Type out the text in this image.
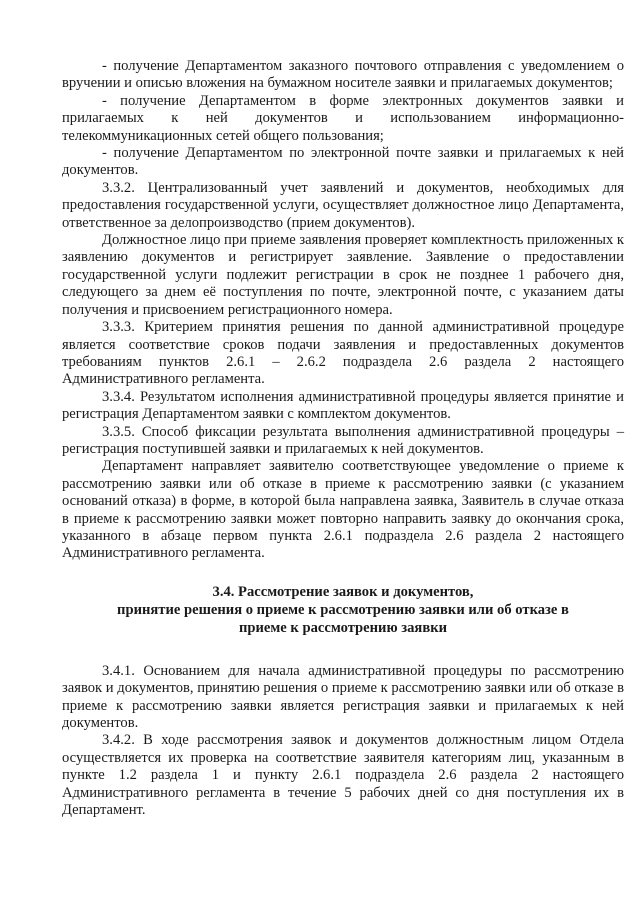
- получение Департаментом заказного почтового отправления с уведомлением о вручении и описью вложения на бумажном носителе заявки и прилагаемых документов;

- получение Департаментом в форме электронных документов заявки и прилагаемых к ней документов и использованием информационно-телекоммуникационных сетей общего пользования;

- получение Департаментом по электронной почте заявки и прилагаемых к ней документов.

3.3.2. Централизованный учет заявлений и документов, необходимых для предоставления государственной услуги, осуществляет должностное лицо Департамента, ответственное за делопроизводство (прием документов).

Должностное лицо при приеме заявления проверяет комплектность приложенных к заявлению документов и регистрирует заявление. Заявление о предоставлении государственной услуги подлежит регистрации в срок не позднее 1 рабочего дня, следующего за днем её поступления по почте, электронной почте, с указанием даты получения и присвоением регистрационного номера.

3.3.3. Критерием принятия решения по данной административной процедуре является соответствие сроков подачи заявления и предоставленных документов требованиям пунктов 2.6.1 – 2.6.2 подраздела 2.6 раздела 2 настоящего Административного регламента.

3.3.4. Результатом исполнения административной процедуры является принятие и регистрация Департаментом заявки с комплектом документов.

3.3.5. Способ фиксации результата выполнения административной процедуры – регистрация поступившей заявки и прилагаемых к ней документов.

Департамент направляет заявителю соответствующее уведомление о приеме к рассмотрению заявки или об отказе в приеме к рассмотрению заявки (с указанием оснований отказа) в форме, в которой была направлена заявка, Заявитель в случае отказа в приеме к рассмотрению заявки может повторно направить заявку до окончания срока, указанного в абзаце первом пункта 2.6.1 подраздела 2.6 раздела 2 настоящего Административного регламента.

3.4. Рассмотрение заявок и документов,
принятие решения о приеме к рассмотрению заявки или об отказе в
приеме к рассмотрению заявки

3.4.1. Основанием для начала административной процедуры по рассмотрению заявок и документов, принятию решения о приеме к рассмотрению заявки или об отказе в приеме к рассмотрению заявки является регистрация заявки и прилагаемых к ней документов.

3.4.2. В ходе рассмотрения заявок и документов должностным лицом Отдела осуществляется их проверка на соответствие заявителя категориям лиц, указанным в пункте 1.2 раздела 1 и пункту 2.6.1 подраздела 2.6 раздела 2 настоящего Административного регламента в течение 5 рабочих дней со дня поступления их в Департамент.
